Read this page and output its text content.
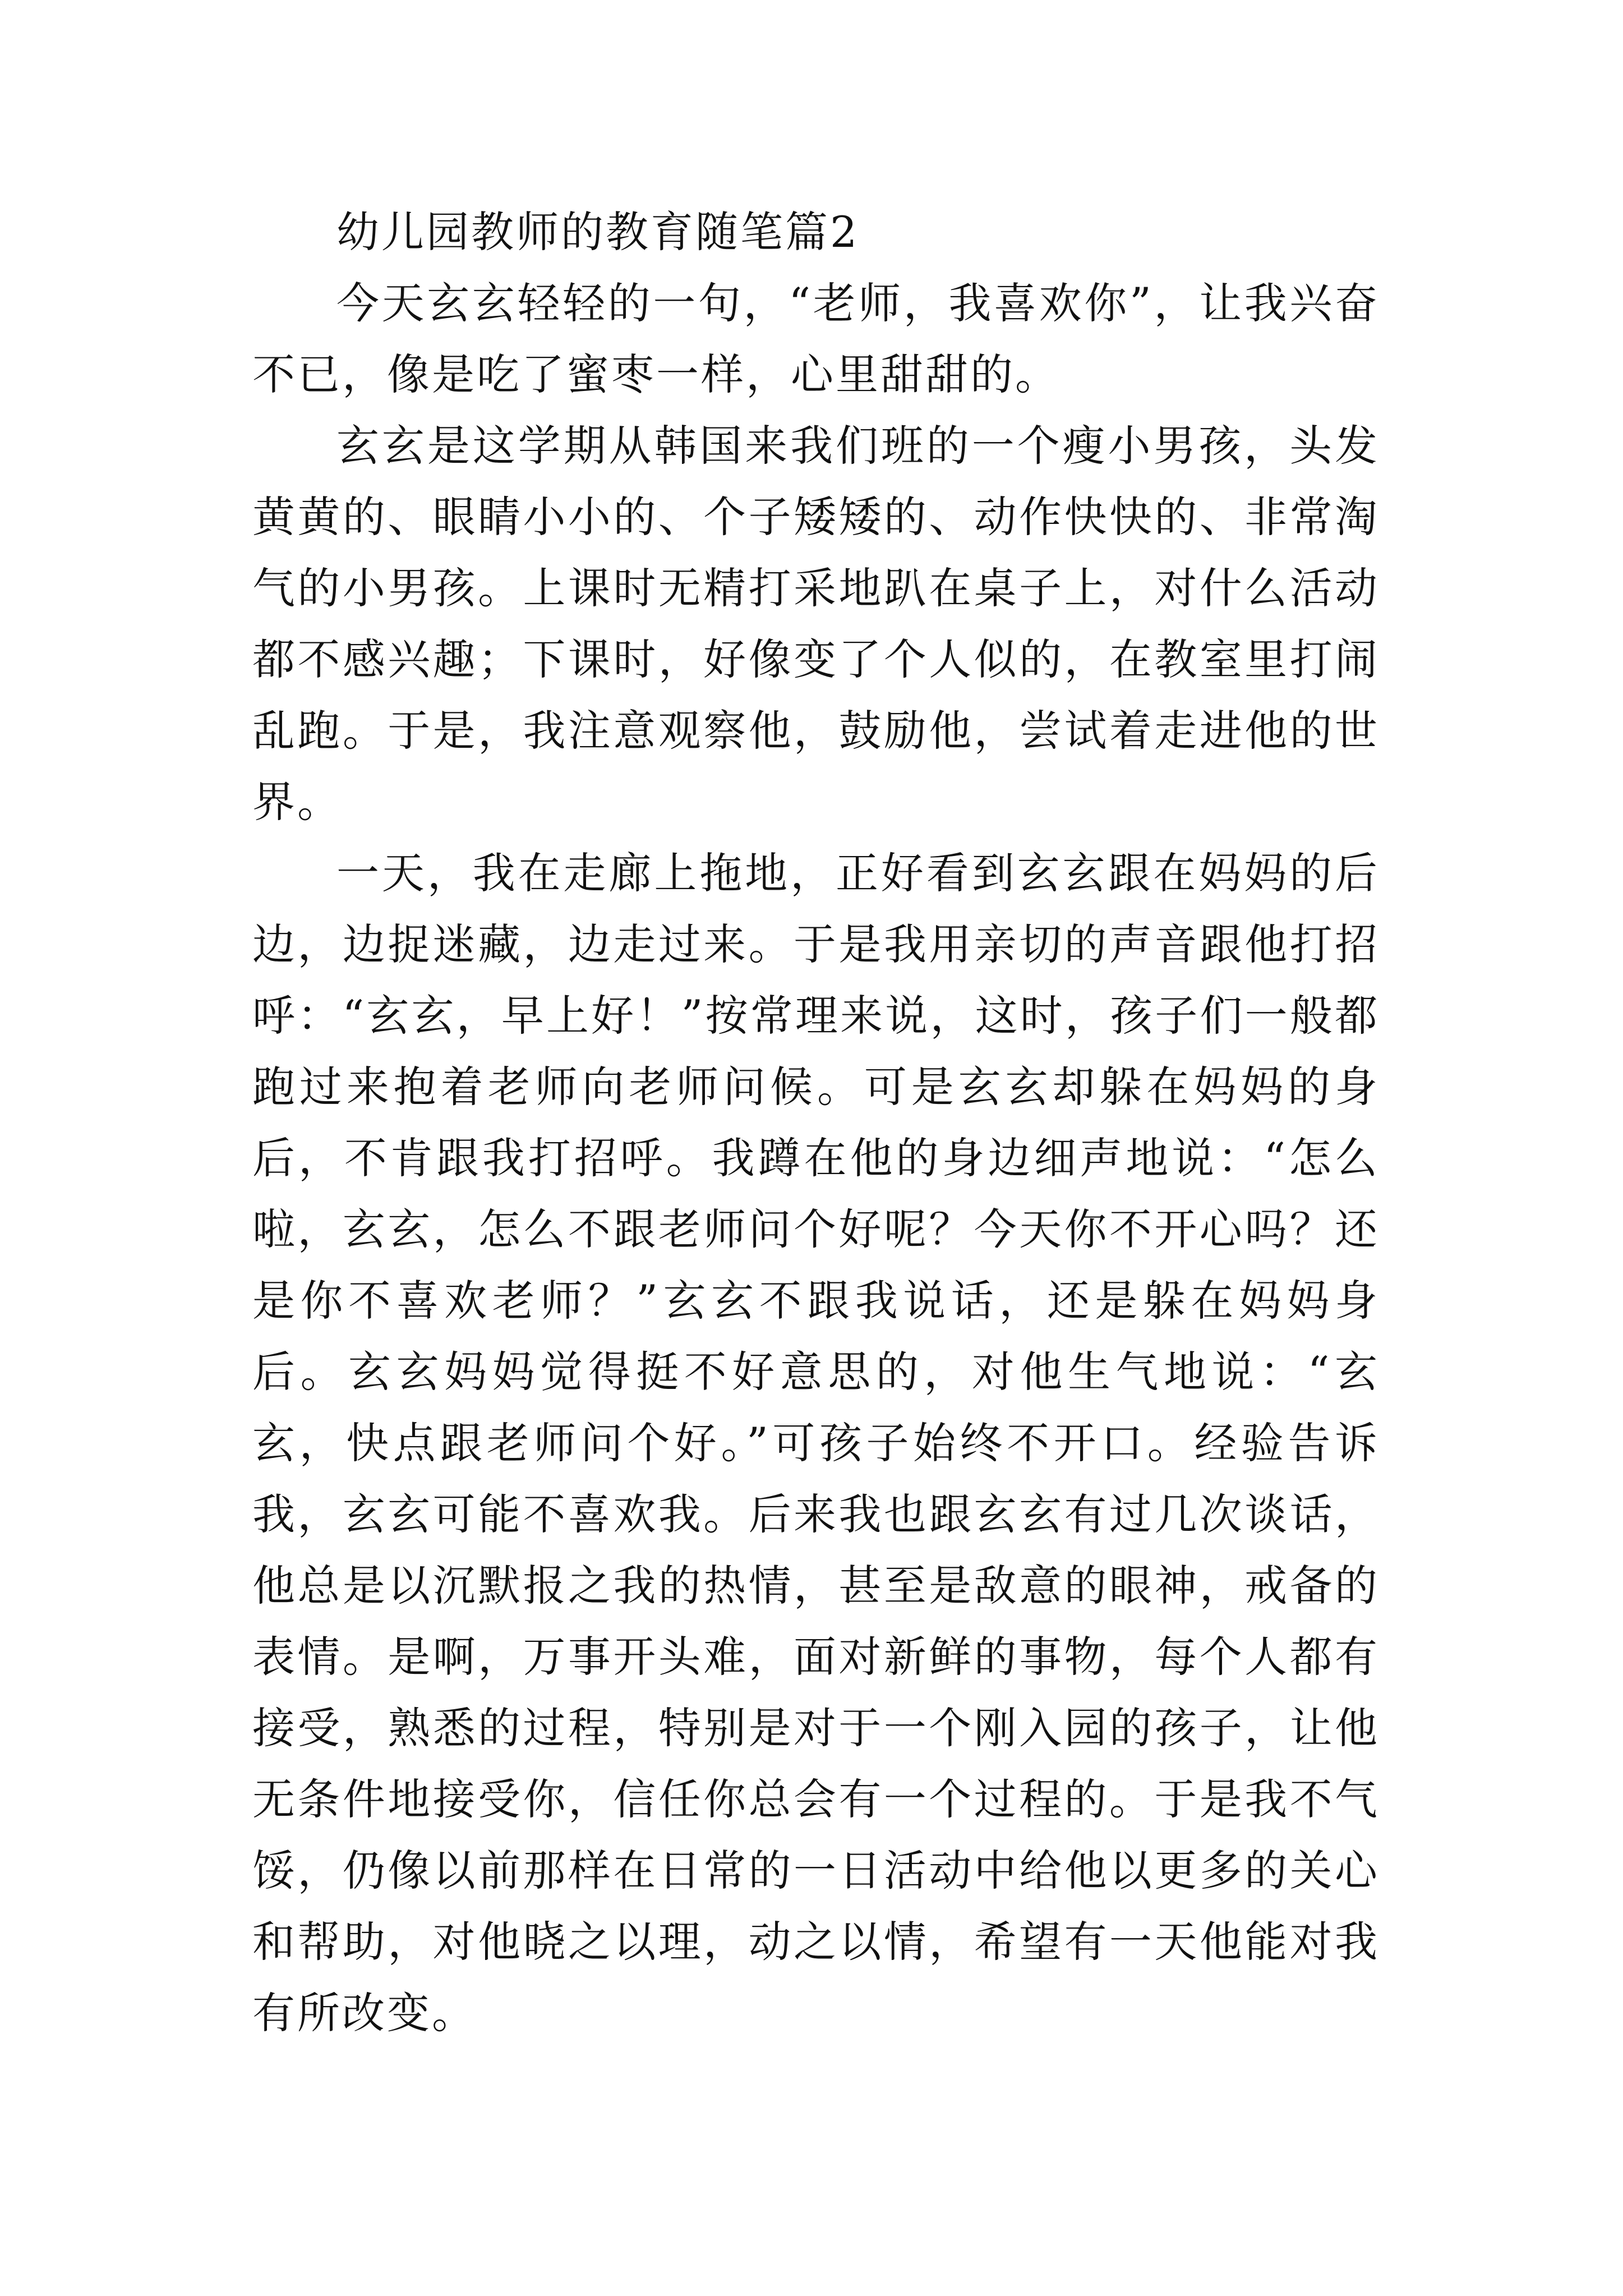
幼儿园教师的教育随笔篇2

今天玄玄轻轻的一句，“老师，我喜欢你”，让我兴奋不已，像是吃了蜜枣一样，心里甜甜的。

玄玄是这学期从韩国来我们班的一个瘦小男孩，头发黄黄的、眼睛小小的、个子矮矮的、动作快快的、非常淘气的小男孩。上课时无精打采地趴在桌子上，对什么活动都不感兴趣；下课时，好像变了个人似的，在教室里打闹乱跑。于是，我注意观察他，鼓励他，尝试着走进他的世界。

一天，我在走廊上拖地，正好看到玄玄跟在妈妈的后边，边捉迷藏，边走过来。于是我用亲切的声音跟他打招呼：“玄玄，早上好！”按常理来说，这时，孩子们一般都跑过来抱着老师向老师问候。可是玄玄却躲在妈妈的身后，不肯跟我打招呼。我蹲在他的身边细声地说：“怎么啦，玄玄，怎么不跟老师问个好呢？今天你不开心吗？还是你不喜欢老师？”玄玄不跟我说话，还是躲在妈妈身后。玄玄妈妈觉得挺不好意思的，对他生气地说：“玄玄，快点跟老师问个好。”可孩子始终不开口。经验告诉我，玄玄可能不喜欢我。后来我也跟玄玄有过几次谈话，他总是以沉默报之我的热情，甚至是敌意的眼神，戒备的表情。是啊，万事开头难，面对新鲜的事物，每个人都有接受，熟悉的过程，特别是对于一个刚入园的孩子，让他无条件地接受你，信任你总会有一个过程的。于是我不气馁，仍像以前那样在日常的一日活动中给他以更多的关心和帮助，对他晓之以理，动之以情，希望有一天他能对我有所改变。
